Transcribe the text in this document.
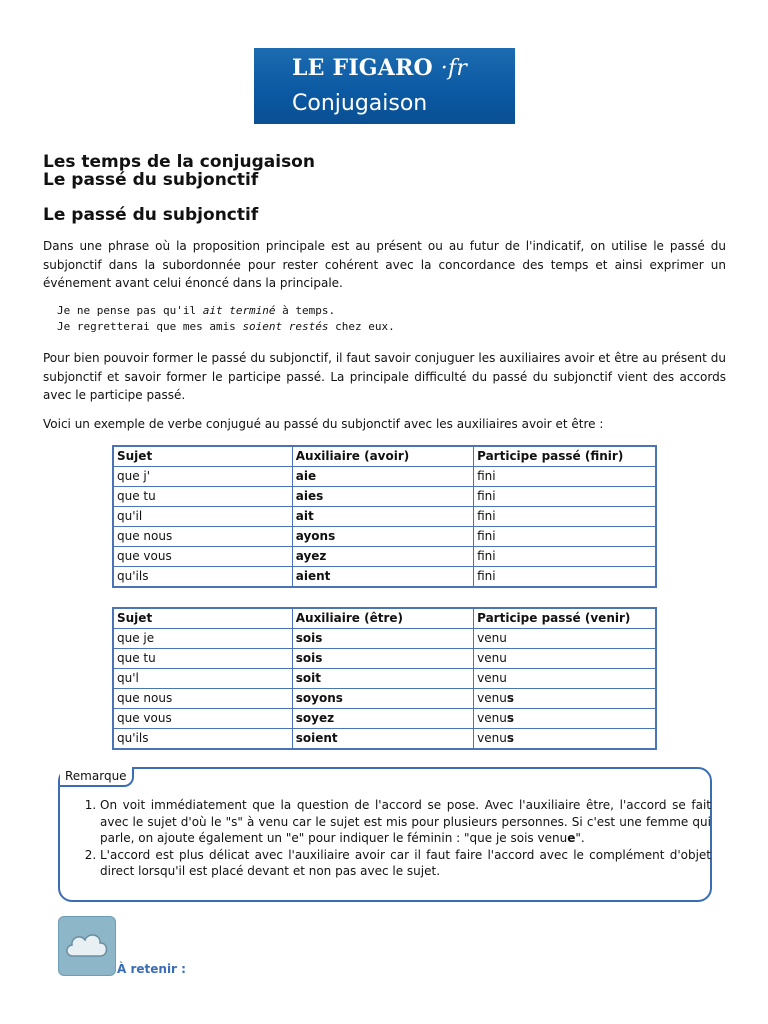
LE FIGARO ·fr
Conjugaison
Les temps de la conjugaison
Le passé du subjonctif
Le passé du subjonctif

Dans une phrase où la proposition principale est au présent ou au futur de l'indicatif, on utilise le passé du subjonctif dans la subordonnée pour rester cohérent avec la concordance des temps et ainsi exprimer un événement avant celui énoncé dans la principale.

Je ne pense pas qu'il ait terminé à temps.
Je regretterai que mes amis soient restés chez eux.

Pour bien pouvoir former le passé du subjonctif, il faut savoir conjuguer les auxiliaires avoir et être au présent du subjonctif et savoir former le participe passé. La principale difficulté du passé du subjonctif vient des accords avec le participe passé.

Voici un exemple de verbe conjugué au passé du subjonctif avec les auxiliaires avoir et être :

Sujet	Auxiliaire (avoir)	Participe passé (finir)
que j'	aie	fini
que tu	aies	fini
qu'il	ait	fini
que nous	ayons	fini
que vous	ayez	fini
qu'ils	aient	fini
Sujet	Auxiliaire (être)	Participe passé (venir)
que je	sois	venu
que tu	sois	venu
qu'l	soit	venu
que nous	soyons	venus
que vous	soyez	venus
qu'ils	soient	venus
1. On voit immédiatement que la question de l'accord se pose. Avec l'auxiliaire être, l'accord se fait avec le sujet d'où le "s" à venu car le sujet est mis pour plusieurs personnes. Si c'est une femme qui parle, on ajoute également un "e" pour indiquer le féminin : "que je sois venue".
2. L'accord est plus délicat avec l'auxiliaire avoir car il faut faire l'accord avec le complément d'objet direct lorsqu'il est placé devant et non pas avec le sujet.
Remarque
À retenir :
